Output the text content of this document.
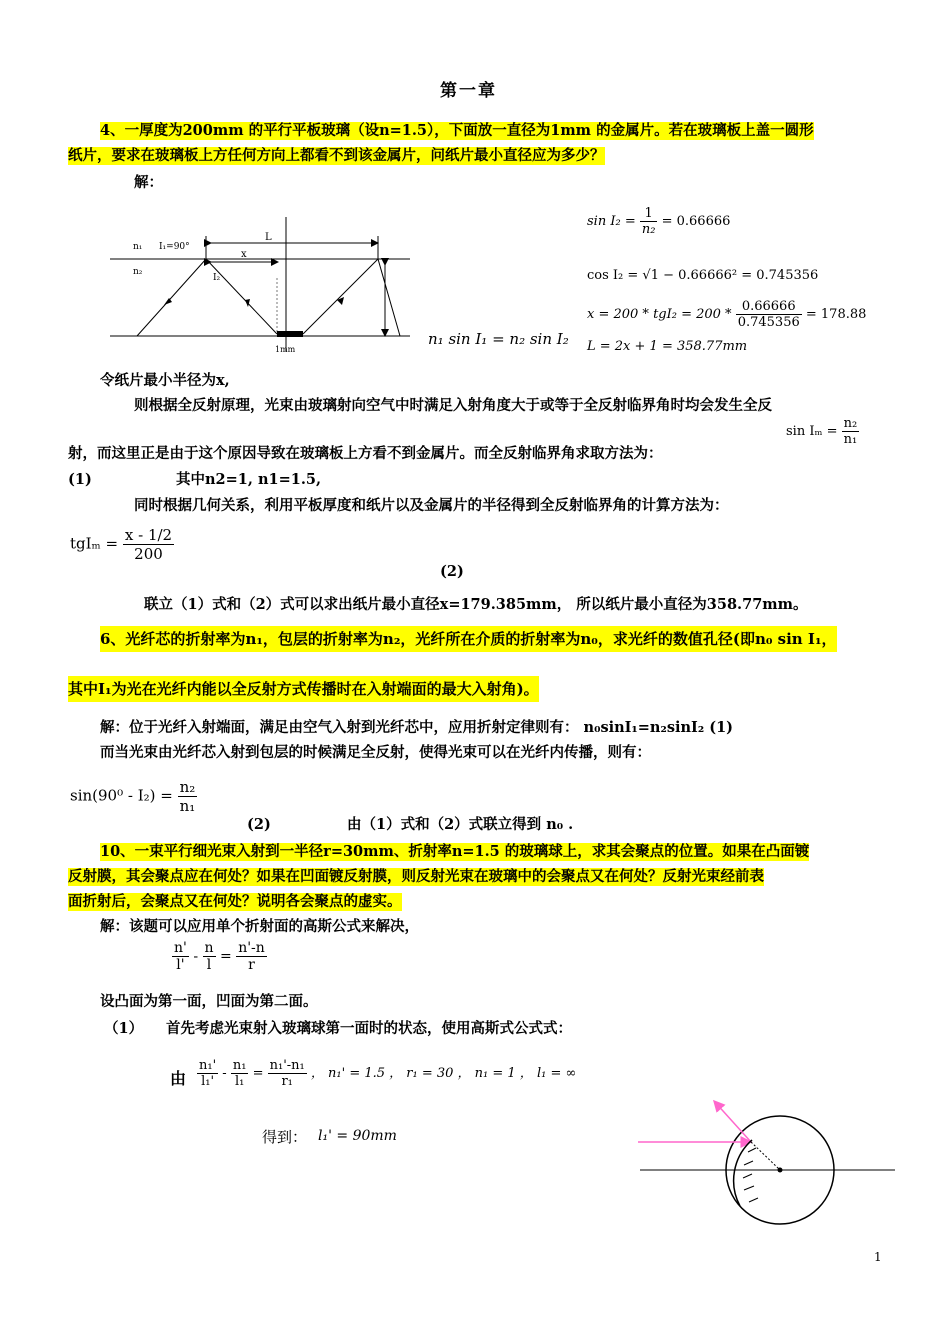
第一章
4、一厚度为200mm 的平行平板玻璃（设n=1.5），下面放一直径为1mm 的金属片。若在玻璃板上盖一圆形
纸片，要求在玻璃板上方任何方向上都看不到该金属片，问纸片最小直径应为多少？
解：
L
x
n₁ I₁=90°
n₂
I₂
1mm
n₁ sin I₁ = n₂ sin I₂
$\sin I_2 = \frac{1}{\text{n₂}} = 0.66666$
cos I₂ = √1 − 0.66666² = 0.745356
$x = 200 * tgI_2 = 200 * \frac{0.66666}{0.745356} = 178.88$
L = 2x + 1 = 358.77mm
令纸片最小半径为x,
则根据全反射原理，光束由玻璃射向空气中时满足入射角度大于或等于全反射临界角时均会发生全反
$\sin I_m = \frac{\text{n₂}}{\text{n₁}}$
射，而这里正是由于这个原因导致在玻璃板上方看不到金属片。而全反射临界角求取方法为：
(1)	其中n2=1, n1=1.5,
同时根据几何关系，利用平板厚度和纸片以及金属片的半径得到全反射临界角的计算方法为：
$tgI_m = \frac{x - 1/2}{200}$
(2)
联立（1）式和（2）式可以求出纸片最小直径x=179.385mm， 所以纸片最小直径为358.77mm。
6、光纤芯的折射率为n₁，包层的折射率为n₂，光纤所在介质的折射率为n₀，求光纤的数值孔径(即n₀ sin I₁，
其中I₁为光在光纤内能以全反射方式传播时在入射端面的最大入射角)。
解：位于光纤入射端面，满足由空气入射到光纤芯中，应用折射定律则有： n₀sinI₁=n₂sinI₂ (1)
而当光束由光纤芯入射到包层的时候满足全反射，使得光束可以在光纤内传播，则有：
$\sin(90^0 - I_2) = \frac{\text{n₂}}{\text{n₁}}$
(2)	由（1）式和（2）式联立得到 n₀ .
10、一束平行细光束入射到一半径r=30mm、折射率n=1.5 的玻璃球上，求其会聚点的位置。如果在凸面镀
反射膜，其会聚点应在何处？如果在凹面镀反射膜，则反射光束在玻璃中的会聚点又在何处？反射光束经前表
面折射后，会聚点又在何处？说明各会聚点的虚实。
解：该题可以应用单个折射面的高斯公式来解决，
$\frac{n'}{l'} - \frac{n}{l} = \frac{n'-n}{r}$
设凸面为第一面，凹面为第二面。
（1） 首先考虑光束射入玻璃球第一面时的状态，使用高斯式公式式：
由 $\frac{\text{n₁'}}{\text{l₁'}} - \frac{\text{n₁}}{\text{l₁}} = \frac{\text{n₁'-n₁}}{\text{r₁}}$ ， n₁' = 1.5 ， r₁ = 30 ， n₁ = 1 ， l₁ = ∞
得到： l₁' = 90mm
1
